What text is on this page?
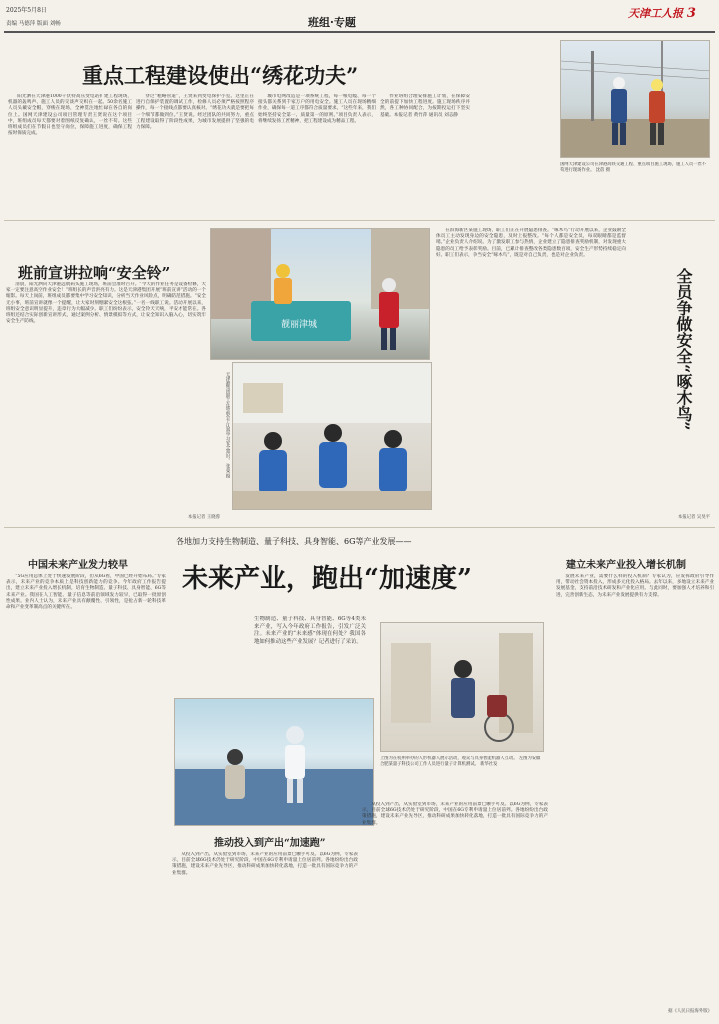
2025年5月8日
责编 马德萍 版面 刘畅	班组·专题
天津工人报 3
重点工程建设使出“绣花功夫”

阳光洒在天津港1000千伏特高压变电站扩建工程现场，机器的轰鸣声、施工人员的交谈声交织在一起。50余名施工人员头戴安全帽，穿梭在现场，全神贯注地忙碌在各自的岗位上。国网天津建设公司项目管理专责王贤说在这个项目中，班组成员每天都要对着图纸反复确认，一丝不苟。这些班组成员们在节假日也坚守岗位，保障施工进度，确保工程按时保质完成。

穿过“粗略管道”，王贤来到变电保护小室。这里正在进行自保护装置的调试工作，检修人员必须严格按照程序操作，每一个接线点都要认真核对。“绣花功夫就是要把每一个细节都做到位。”王贤说。经过团队的共同努力，重点工程建设取得了阶段性成果，为城市发展提供了坚强的电力保障。

城市电网改造是一项系统工程，每一根电缆、每一个接头都关系到千家万户的用电安全。施工人员在现场精细作业，确保每一道工序都符合质量要求。“这些年来，我们始终坚持安全第一、质量第一的原则。”项目负责人表示，将继续发扬工匠精神，把工程建设成为精品工程。

作业班组合理安排施工计划，在保障安全的前提下加快工程进度。施工现场秩序井然，各工种协同配合，为按期投运打下坚实基础。本报记者 黄竹萍 通讯员 刘志静

国网天津建设公司在津港高铁交通工程、重点项目施工现场，施工人员一丝不苟进行现场作业。 沈蓓 摄
班前宣讲拉响“安全铃”

清晨，阳光洒向天津港远航码头施工现场，班前会准时召开。“今天的作业任务是设备检修，大家一定要注意高空作业安全！”班组长的声音洪亮有力。这是天津港集团开展“班前宣讲”活动的一个缩影。每天上岗前，班组成员都要集中学习安全知识，分析当天作业风险点，明确防范措施。“安全无小事，班前宣讲就像一个提醒，让大家时刻绷紧安全这根弦。”一名一线职工说。活动开展以来，班组安全意识明显提升，违章行为大幅减少。职工们纷纷表示，安全铃天天响，平安才能常在。各班组还结合实际创新宣讲形式，通过案例分析、情景模拟等方式，让安全知识入脑入心，切实筑牢安全生产防线。	靓丽津城
天津港集团职工在班前会上认真学习安全知识。 张曼 摄
本报记者 王晓蓉

在滨海新区某施工现场，职工们正在开展隐患排查。“啄木鸟”行动开展以来，企业鼓励全体员工主动发现身边的安全隐患，及时上报整改。“每个人都是安全员，每双眼睛都是监督哨。”企业负责人介绍说。为了激发职工参与热情，企业建立了隐患排查奖励机制，对发现重大隐患的员工给予表彰奖励。目前，已累计排查整改各类隐患数百项，安全生产形势持续稳定向好。职工们表示，争当安全“啄木鸟”，既是对自己负责，也是对企业负责。

全员争做安全“啄木鸟”
本报记者 吴旻平
各地加力支持生物制造、量子科技、具身智能、6G等产业发展——
未来产业，跑出“加速度”
中国未来产业发力较早

“5G应用总体上处于快速发展阶段，但从6G看，中国已经开始布局。”专家表示，未来产业的竞争本质上是科技创新能力的竞争。今年政府工作报告提出，建立未来产业投入增长机制，培育生物制造、量子科技、具身智能、6G等未来产业。我国在人工智能、量子信息等前沿领域发力较早，已取得一批原创性成果。业内人士认为，未来产业具有颠覆性、引领性，是抢占新一轮科技革命和产业变革制高点的关键所在。

生物制造、量子科技、具身智能、6G等4类未来产业，写入今年政府工作报告，引发广泛关注。未来产业的“未来感”体现在何处？我国各地如何推动这些产业发展？记者进行了采访。

上图为在杭州举办的人形机器人展示活动，观众与具身智能机器人互动。 左图为安徽合肥某量子科技公司工作人员进行量子计算机测试。 新华社发
推动投入到产出“加速跑”

从投入到产出，从实验室到市场，未来产业的应用前景已触手可及。以6G为例，专家表示，目前全球6G技术仍处于研究阶段，中国在6G专利申请量上位居前列。各地纷纷出台政策措施，建设未来产业先导区，推动科研成果加快转化落地，打造一批具有国际竞争力的产业集群。

从投入到产出，从实验室到市场，未来产业的应用前景已触手可及。以6G为例，专家表示，目前全球6G技术仍处于研究阶段，中国在6G专利申请量上位居前列。各地纷纷出台政策措施，建设未来产业先导区，推动科研成果加快转化落地，打造一批具有国际竞争力的产业集群。

建立未来产业投入增长机制

发展未来产业，需要什么样的投入机制？专家认为，应发挥政府引导作用，带动社会资本投入，形成多元化投入格局。去年以来，多地设立未来产业发展基金，支持前沿技术研发和产业化应用。与此同时，要加强人才培养和引进，完善创新生态，为未来产业发展提供有力支撑。

据《人民日报海外版》
